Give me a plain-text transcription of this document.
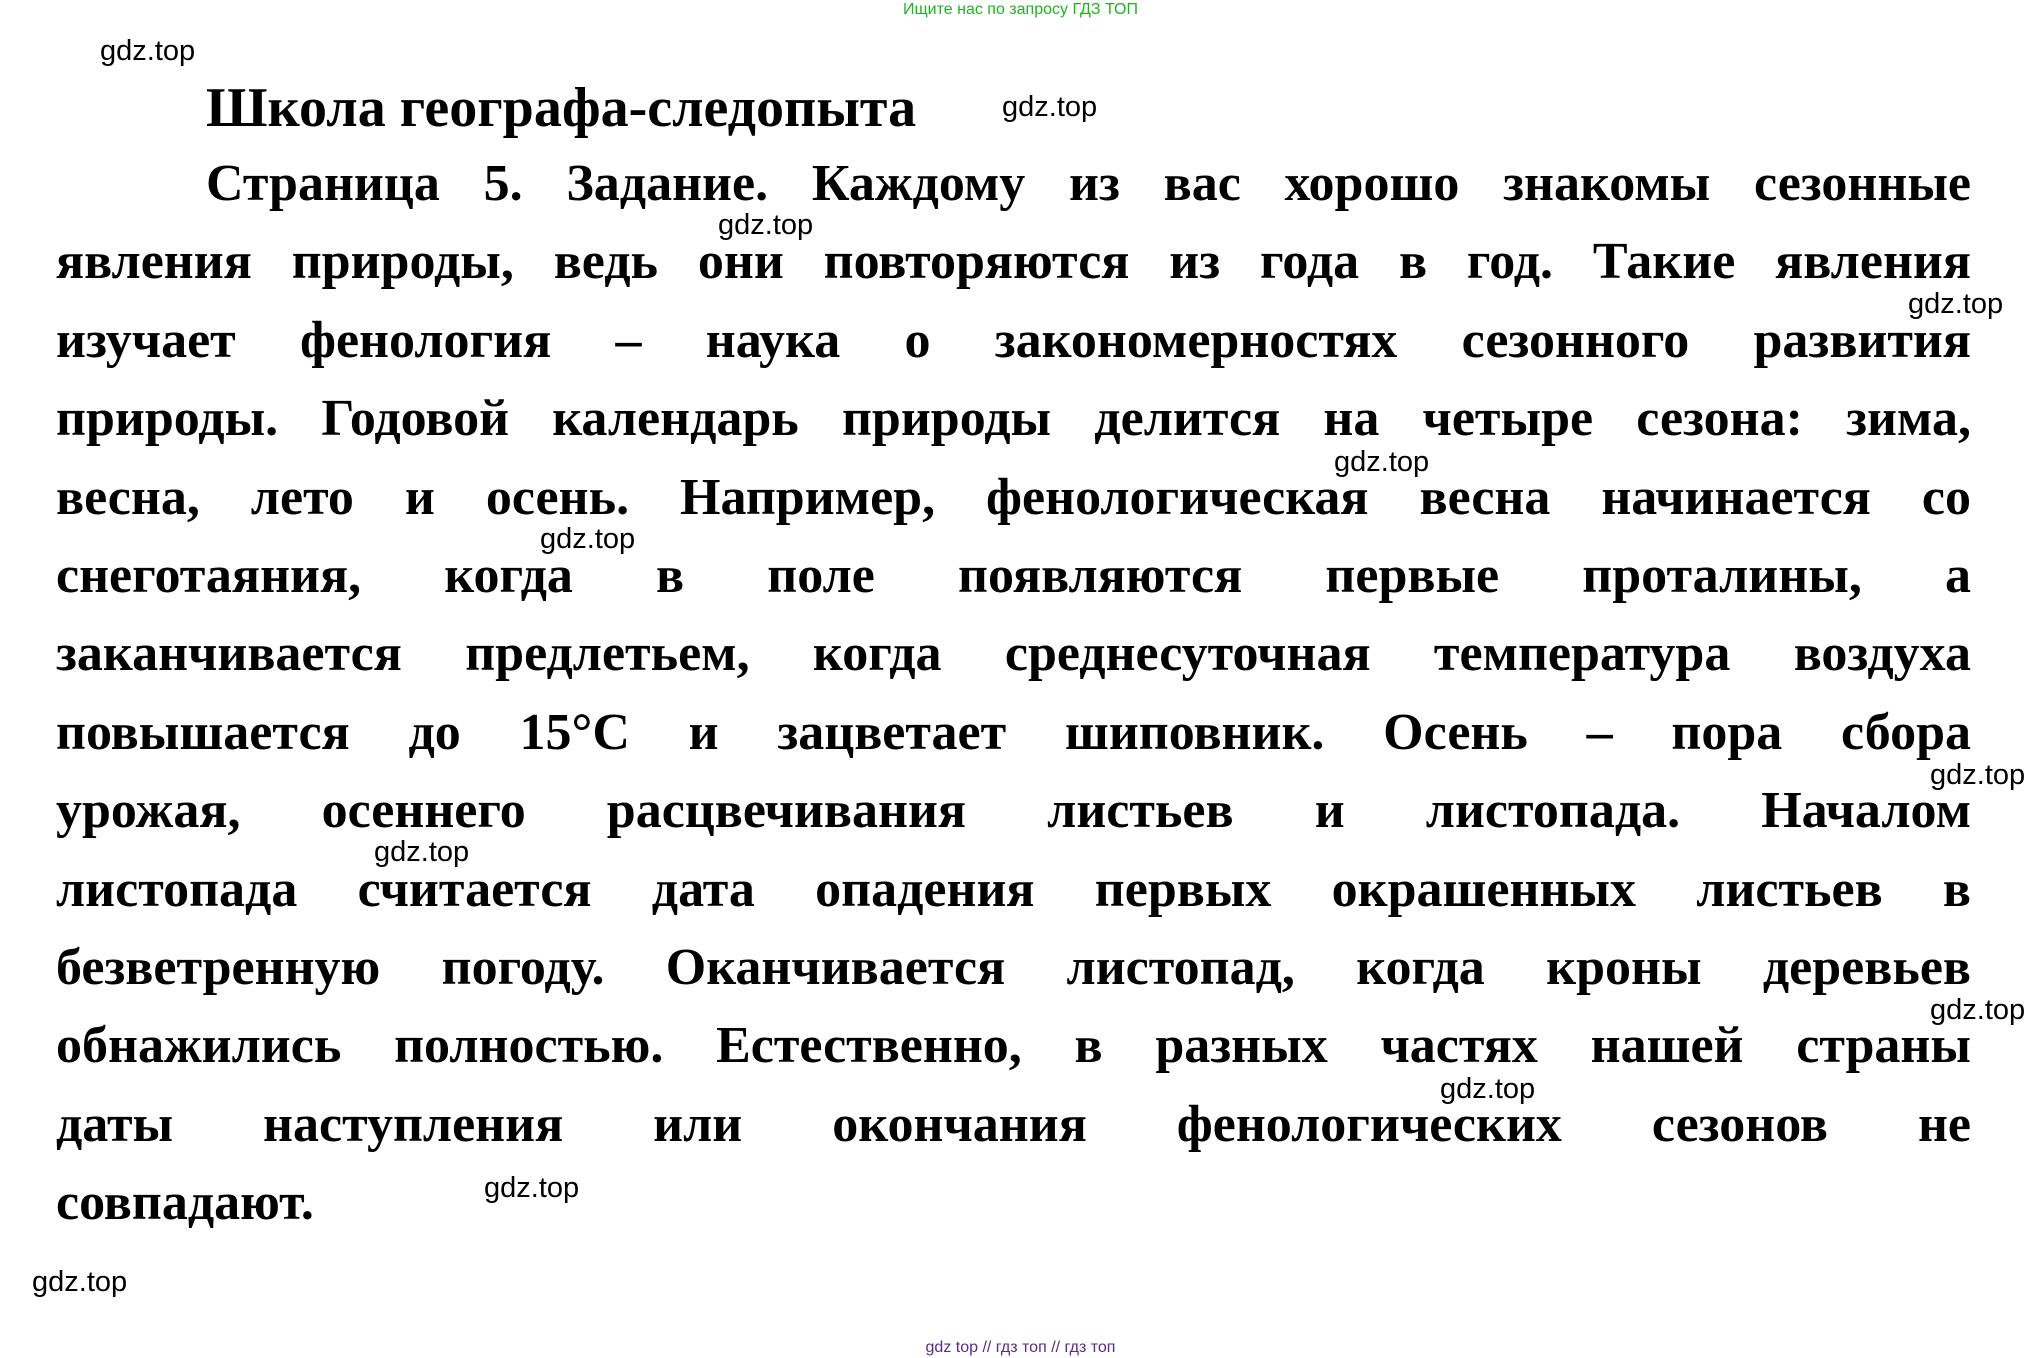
Ищите нас по запросу ГДЗ ТОП
Школа географа-следопыта
Страница 5. Задание. Каждому из вас хорошо знакомы сезонные
явления природы, ведь они повторяются из года в год. Такие явления
изучает фенология – наука о закономерностях сезонного развития
природы. Годовой календарь природы делится на четыре сезона: зима,
весна, лето и осень. Например, фенологическая весна начинается со
снеготаяния, когда в поле появляются первые проталины, а
заканчивается предлетьем, когда среднесуточная температура воздуха
повышается до 15°С и зацветает шиповник. Осень – пора сбора
урожая, осеннего расцвечивания листьев и листопада. Началом
листопада считается дата опадения первых окрашенных листьев в
безветренную погоду. Оканчивается листопад, когда кроны деревьев
обнажились полностью. Естественно, в разных частях нашей страны
даты наступления или окончания фенологических сезонов не
совпадают.
gdz.top
gdz.top
gdz.top
gdz.top
gdz.top
gdz.top
gdz.top
gdz.top
gdz.top
gdz.top
gdz.top
gdz.top
gdz top // гдз топ // гдз топ
